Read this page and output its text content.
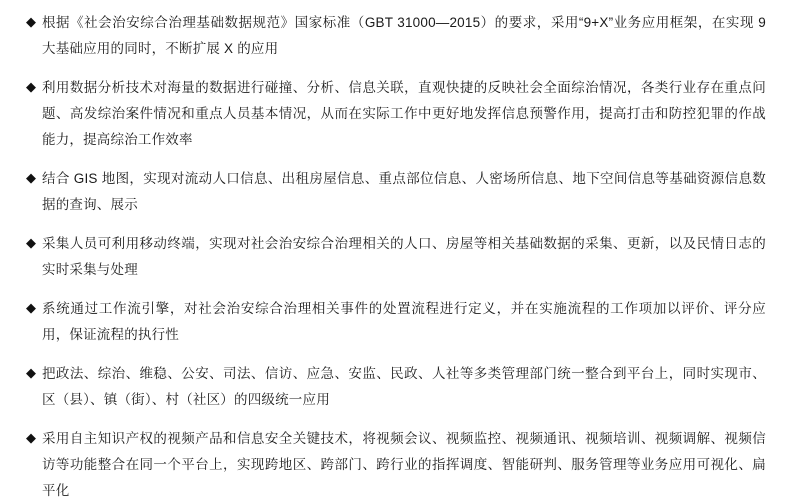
◆ 根据《社会治安综合治理基础数据规范》国家标准（GBT 31000—2015）的要求，采用“9+X”业务应用框架，在实现 9 大基础应用的同时，不断扩展 X 的应用
◆ 利用数据分析技术对海量的数据进行碰撞、分析、信息关联，直观快捷的反映社会全面综治情况，各类行业存在重点问题、高发综治案件情况和重点人员基本情况，从而在实际工作中更好地发挥信息预警作用，提高打击和防控犯罪的作战能力，提高综治工作效率
◆ 结合 GIS 地图，实现对流动人口信息、出租房屋信息、重点部位信息、人密场所信息、地下空间信息等基础资源信息数据的查询、展示
◆ 采集人员可利用移动终端，实现对社会治安综合治理相关的人口、房屋等相关基础数据的采集、更新，以及民情日志的实时采集与处理
◆ 系统通过工作流引擎，对社会治安综合治理相关事件的处置流程进行定义，并在实施流程的工作项加以评价、评分应用，保证流程的执行性
◆ 把政法、综治、维稳、公安、司法、信访、应急、安监、民政、人社等多类管理部门统一整合到平台上，同时实现市、区（县）、镇（街）、村（社区）的四级统一应用
◆ 采用自主知识产权的视频产品和信息安全关键技术，将视频会议、视频监控、视频通讯、视频培训、视频调解、视频信访等功能整合在同一个平台上，实现跨地区、跨部门、跨行业的指挥调度、智能研判、服务管理等业务应用可视化、扁平化
